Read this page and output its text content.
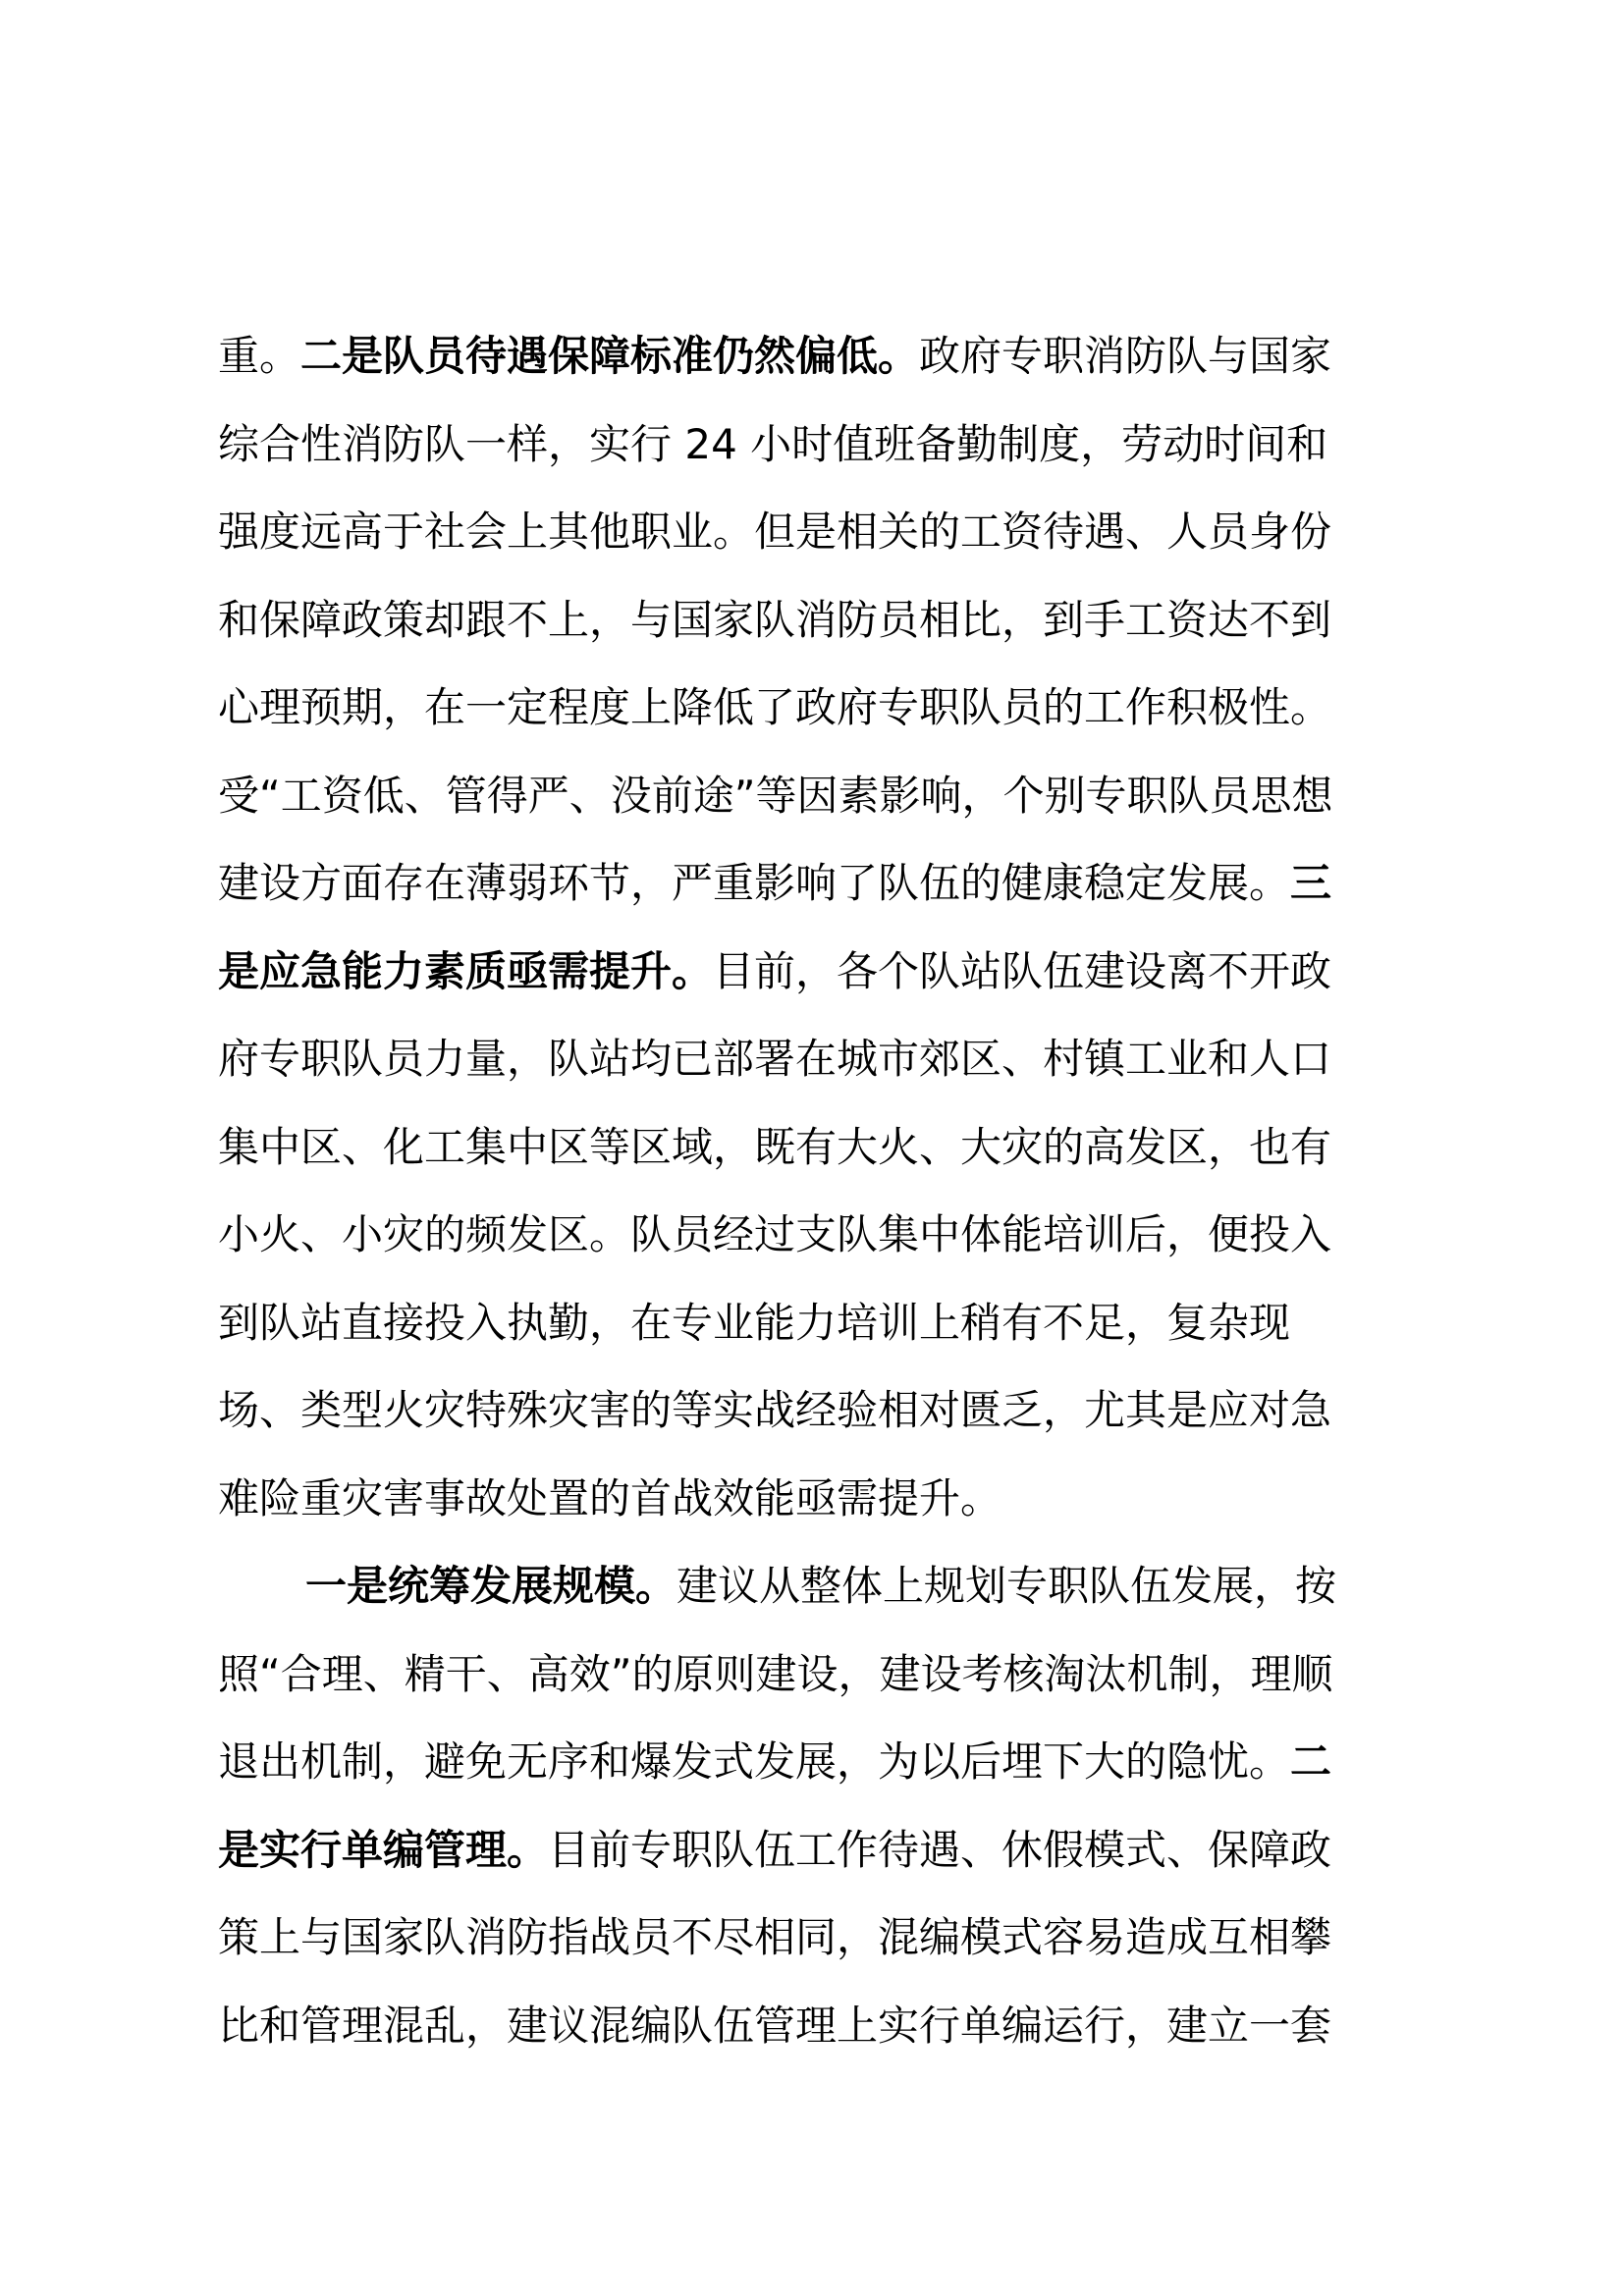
重。二是队员待遇保障标准仍然偏低。政府专职消防队与国家
综合性消防队一样，实行 24 小时值班备勤制度，劳动时间和
强度远高于社会上其他职业。但是相关的工资待遇、人员身份
和保障政策却跟不上，与国家队消防员相比，到手工资达不到
心理预期，在一定程度上降低了政府专职队员的工作积极性。
受“工资低、管得严、没前途”等因素影响，个别专职队员思想
建设方面存在薄弱环节，严重影响了队伍的健康稳定发展。三
是应急能力素质亟需提升。目前，各个队站队伍建设离不开政
府专职队员力量，队站均已部署在城市郊区、村镇工业和人口
集中区、化工集中区等区域，既有大火、大灾的高发区，也有
小火、小灾的频发区。队员经过支队集中体能培训后，便投入
到队站直接投入执勤，在专业能力培训上稍有不足，复杂现
场、类型火灾特殊灾害的等实战经验相对匮乏，尤其是应对急
难险重灾害事故处置的首战效能亟需提升。
一是统筹发展规模。建议从整体上规划专职队伍发展，按
照“合理、精干、高效”的原则建设，建设考核淘汰机制，理顺
退出机制，避免无序和爆发式发展，为以后埋下大的隐忧。二
是实行单编管理。目前专职队伍工作待遇、休假模式、保障政
策上与国家队消防指战员不尽相同，混编模式容易造成互相攀
比和管理混乱，建议混编队伍管理上实行单编运行，建立一套
